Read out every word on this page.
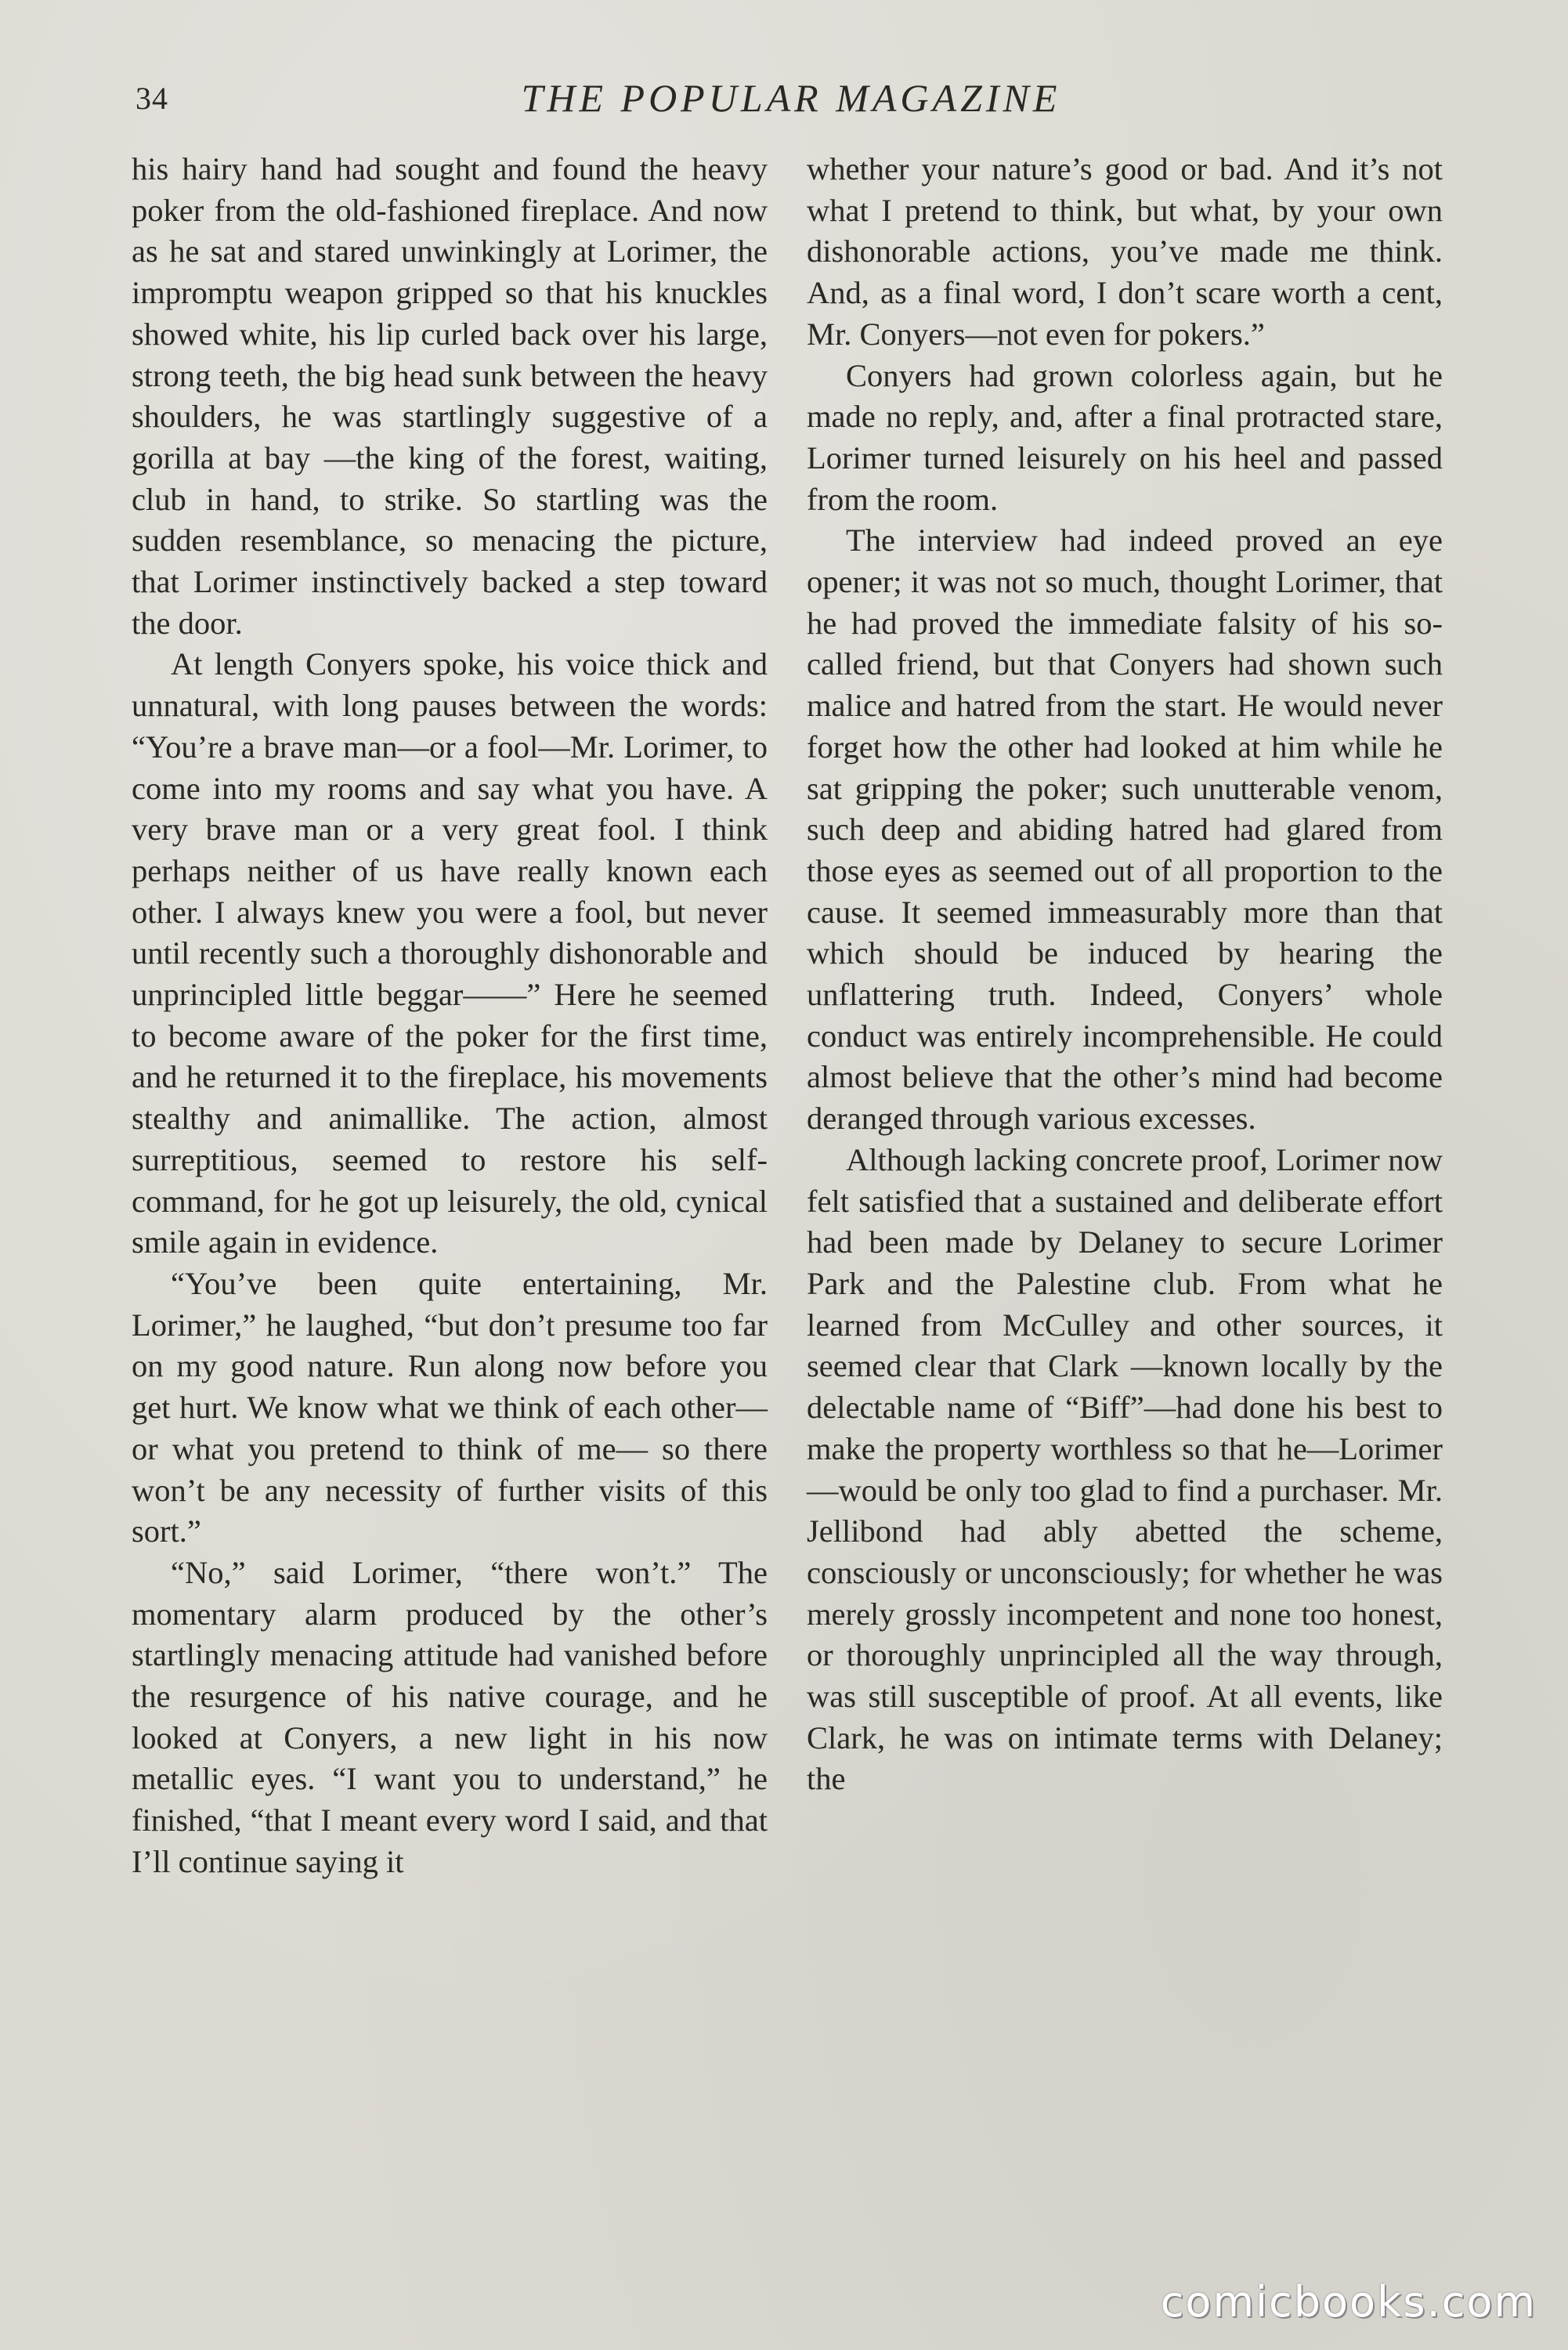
34	THE POPULAR MAGAZINE

his hairy hand had sought and found the heavy poker from the old-fashioned fireplace. And now as he sat and stared unwinkingly at Lorimer, the impromptu weapon gripped so that his knuckles showed white, his lip curled back over his large, strong teeth, the big head sunk between the heavy shoulders, he was startlingly suggestive of a gorilla at bay —the king of the forest, waiting, club in hand, to strike. So startling was the sudden resemblance, so menacing the picture, that Lorimer instinctively backed a step toward the door.

At length Conyers spoke, his voice thick and unnatural, with long pauses between the words: “You’re a brave man—or a fool—Mr. Lorimer, to come into my rooms and say what you have. A very brave man or a very great fool. I think perhaps neither of us have really known each other. I always knew you were a fool, but never until recently such a thoroughly dishonorable and unprincipled little beggar——” Here he seemed to become aware of the poker for the first time, and he returned it to the fireplace, his movements stealthy and animallike. The action, almost surreptitious, seemed to restore his self-command, for he got up leisurely, the old, cynical smile again in evidence.

“You’ve been quite entertaining, Mr. Lorimer,” he laughed, “but don’t presume too far on my good nature. Run along now before you get hurt. We know what we think of each other— or what you pretend to think of me— so there won’t be any necessity of further visits of this sort.”

“No,” said Lorimer, “there won’t.” The momentary alarm produced by the other’s startlingly menacing attitude had vanished before the resurgence of his native courage, and he looked at Conyers, a new light in his now metallic eyes. “I want you to understand,” he finished, “that I meant every word I said, and that I’ll continue saying it

whether your nature’s good or bad. And it’s not what I pretend to think, but what, by your own dishonorable actions, you’ve made me think. And, as a final word, I don’t scare worth a cent, Mr. Conyers—not even for pokers.”

Conyers had grown colorless again, but he made no reply, and, after a final protracted stare, Lorimer turned leisurely on his heel and passed from the room.

The interview had indeed proved an eye opener; it was not so much, thought Lorimer, that he had proved the immediate falsity of his so-called friend, but that Conyers had shown such malice and hatred from the start. He would never forget how the other had looked at him while he sat gripping the poker; such unutterable venom, such deep and abiding hatred had glared from those eyes as seemed out of all proportion to the cause. It seemed immeasurably more than that which should be induced by hearing the unflattering truth. Indeed, Conyers’ whole conduct was entirely incomprehensible. He could almost believe that the other’s mind had become deranged through various excesses.

Although lacking concrete proof, Lorimer now felt satisfied that a sustained and deliberate effort had been made by Delaney to secure Lorimer Park and the Palestine club. From what he learned from McCulley and other sources, it seemed clear that Clark —known locally by the delectable name of “Biff”—had done his best to make the property worthless so that he—Lorimer—would be only too glad to find a purchaser. Mr. Jellibond had ably abetted the scheme, consciously or unconsciously; for whether he was merely grossly incompetent and none too honest, or thoroughly unprincipled all the way through, was still susceptible of proof. At all events, like Clark, he was on intimate terms with Delaney; the

comicbooks.com
